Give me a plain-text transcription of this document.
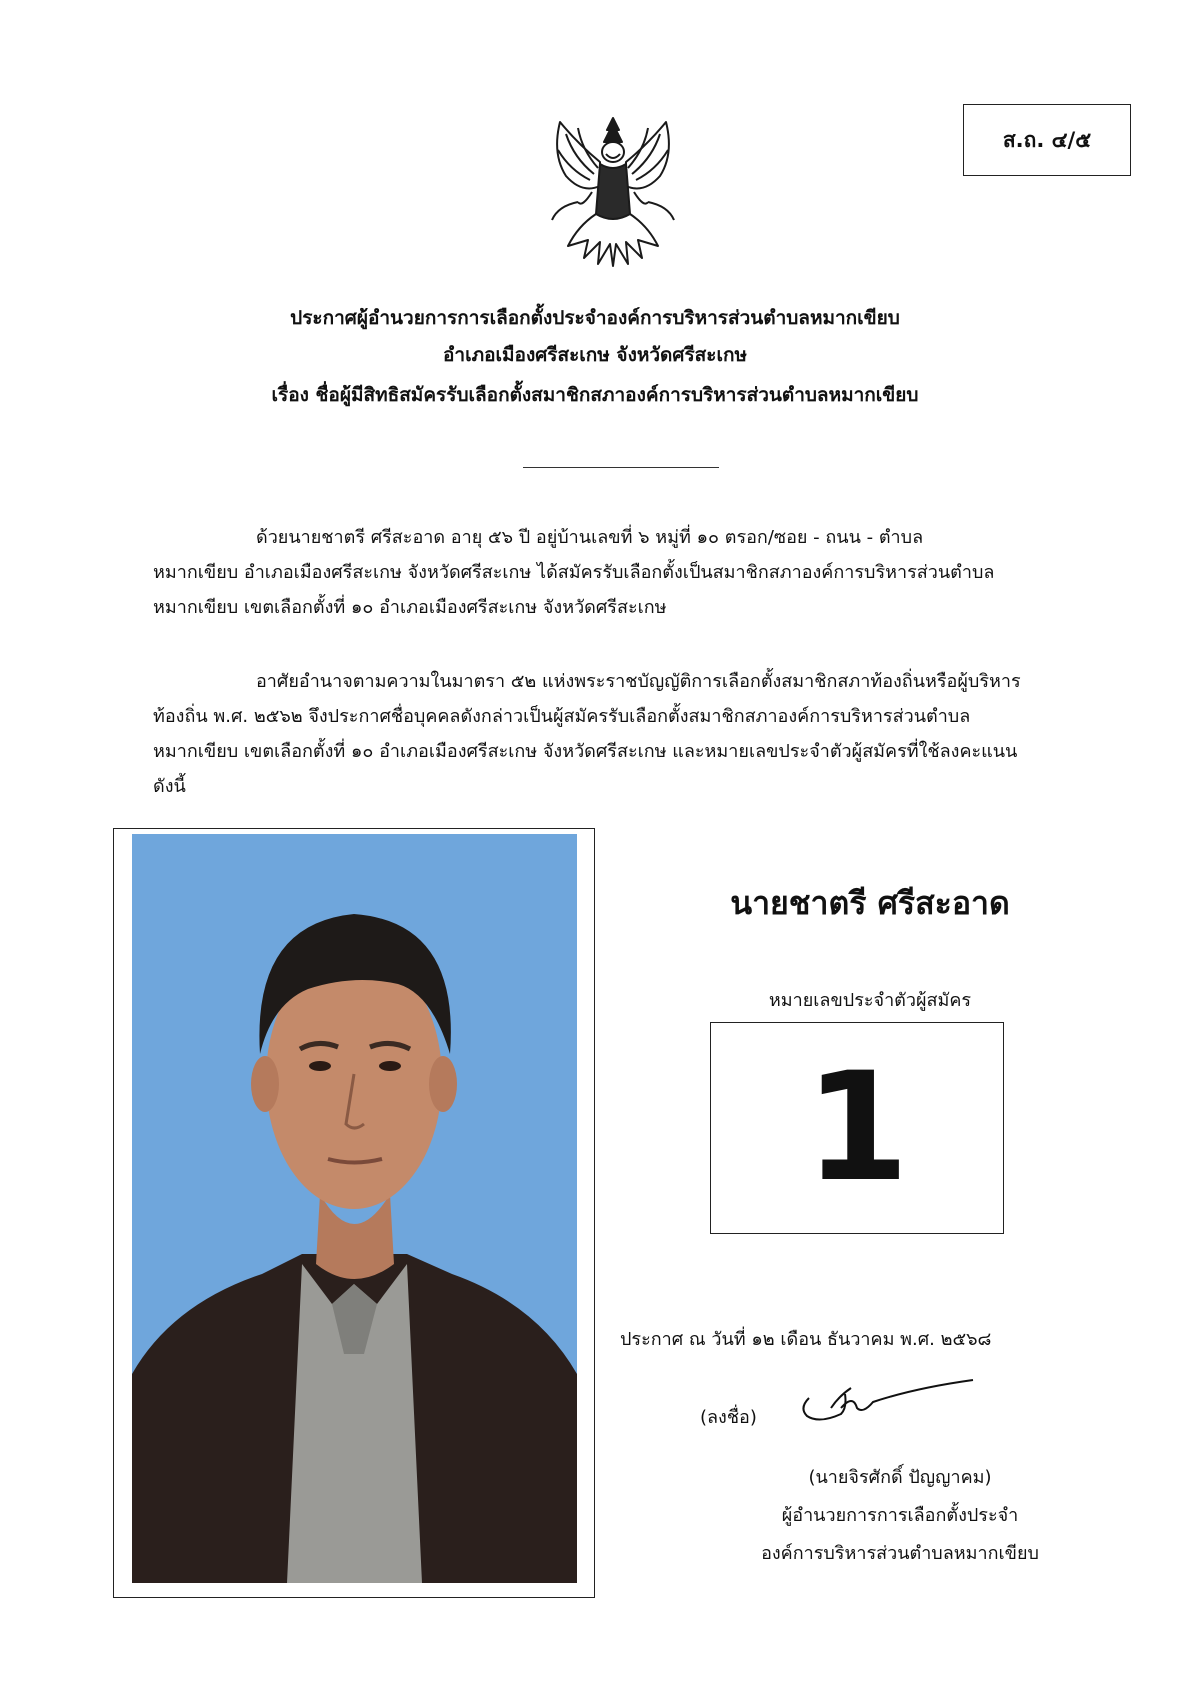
ส.ถ. ๔/๕
ประกาศผู้อำนวยการการเลือกตั้งประจำองค์การบริหารส่วนตำบลหมากเขียบ
อำเภอเมืองศรีสะเกษ จังหวัดศรีสะเกษ
เรื่อง ชื่อผู้มีสิทธิสมัครรับเลือกตั้งสมาชิกสภาองค์การบริหารส่วนตำบลหมากเขียบ
ด้วยนายชาตรี ศรีสะอาด อายุ ๕๖ ปี อยู่บ้านเลขที่ ๖ หมู่ที่ ๑๐ ตรอก/ซอย - ถนน - ตำบล
หมากเขียบ อำเภอเมืองศรีสะเกษ จังหวัดศรีสะเกษ ได้สมัครรับเลือกตั้งเป็นสมาชิกสภาองค์การบริหารส่วนตำบล
หมากเขียบ เขตเลือกตั้งที่ ๑๐ อำเภอเมืองศรีสะเกษ จังหวัดศรีสะเกษ
อาศัยอำนาจตามความในมาตรา ๕๒ แห่งพระราชบัญญัติการเลือกตั้งสมาชิกสภาท้องถิ่นหรือผู้บริหาร
ท้องถิ่น พ.ศ. ๒๕๖๒ จึงประกาศชื่อบุคคลดังกล่าวเป็นผู้สมัครรับเลือกตั้งสมาชิกสภาองค์การบริหารส่วนตำบล
หมากเขียบ เขตเลือกตั้งที่ ๑๐ อำเภอเมืองศรีสะเกษ จังหวัดศรีสะเกษ และหมายเลขประจำตัวผู้สมัครที่ใช้ลงคะแนน
ดังนี้
นายชาตรี ศรีสะอาด
หมายเลขประจำตัวผู้สมัคร
1
ประกาศ ณ วันที่ ๑๒ เดือน ธันวาคม พ.ศ. ๒๕๖๘
(ลงชื่อ)
(นายจิรศักดิ์ ปัญญาคม)
ผู้อำนวยการการเลือกตั้งประจำ
องค์การบริหารส่วนตำบลหมากเขียบ
